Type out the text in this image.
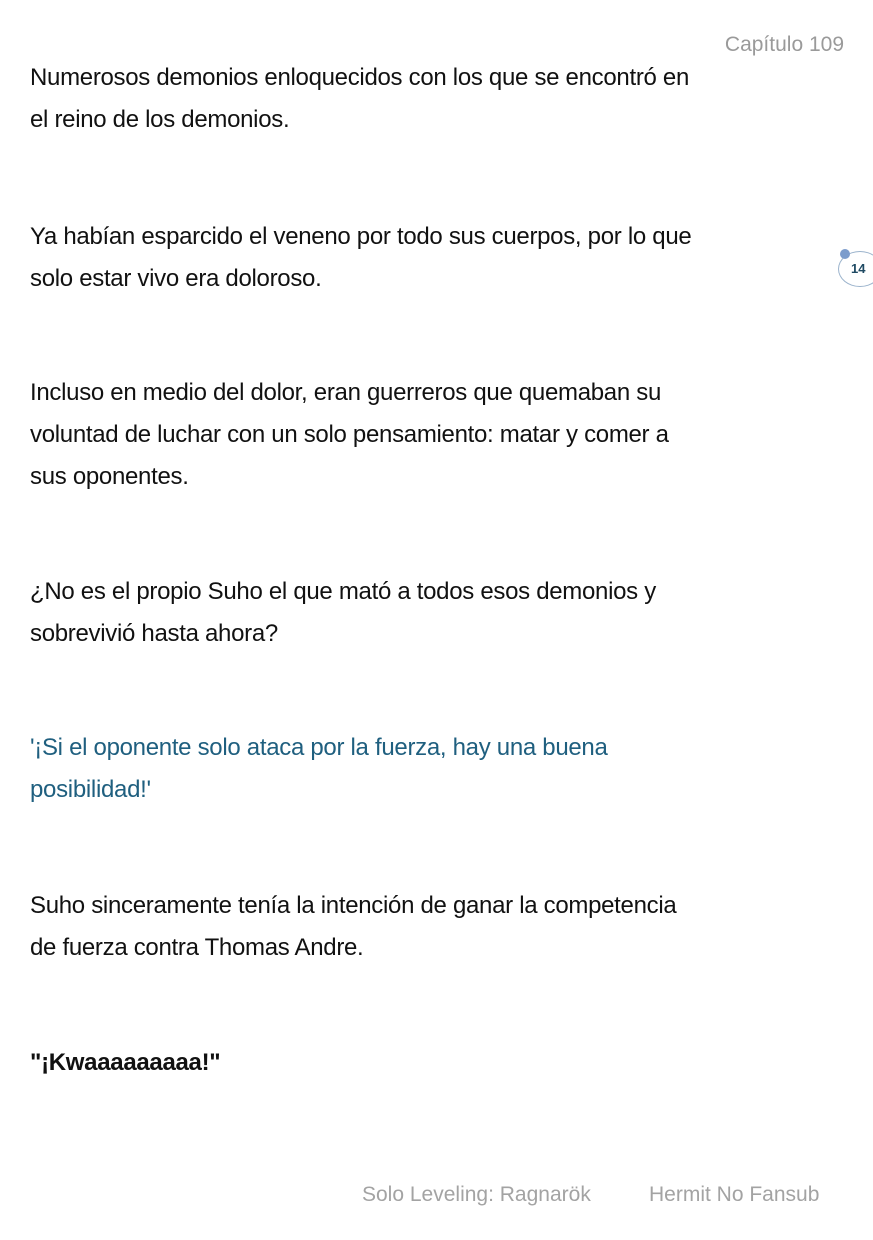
Capítulo 109
Numerosos demonios enloquecidos con los que se encontró en
el reino de los demonios.
Ya habían esparcido el veneno por todo sus cuerpos, por lo que
solo estar vivo era doloroso.
Incluso en medio del dolor, eran guerreros que quemaban su
voluntad de luchar con un solo pensamiento: matar y comer a
sus oponentes.
¿No es el propio Suho el que mató a todos esos demonios y
sobrevivió hasta ahora?
'¡Si el oponente solo ataca por la fuerza, hay una buena
posibilidad!'
Suho sinceramente tenía la intención de ganar la competencia
de fuerza contra Thomas Andre.
"¡Kwaaaaaaaaa!"
14
Solo Leveling: Ragnarök	Hermit No Fansub
